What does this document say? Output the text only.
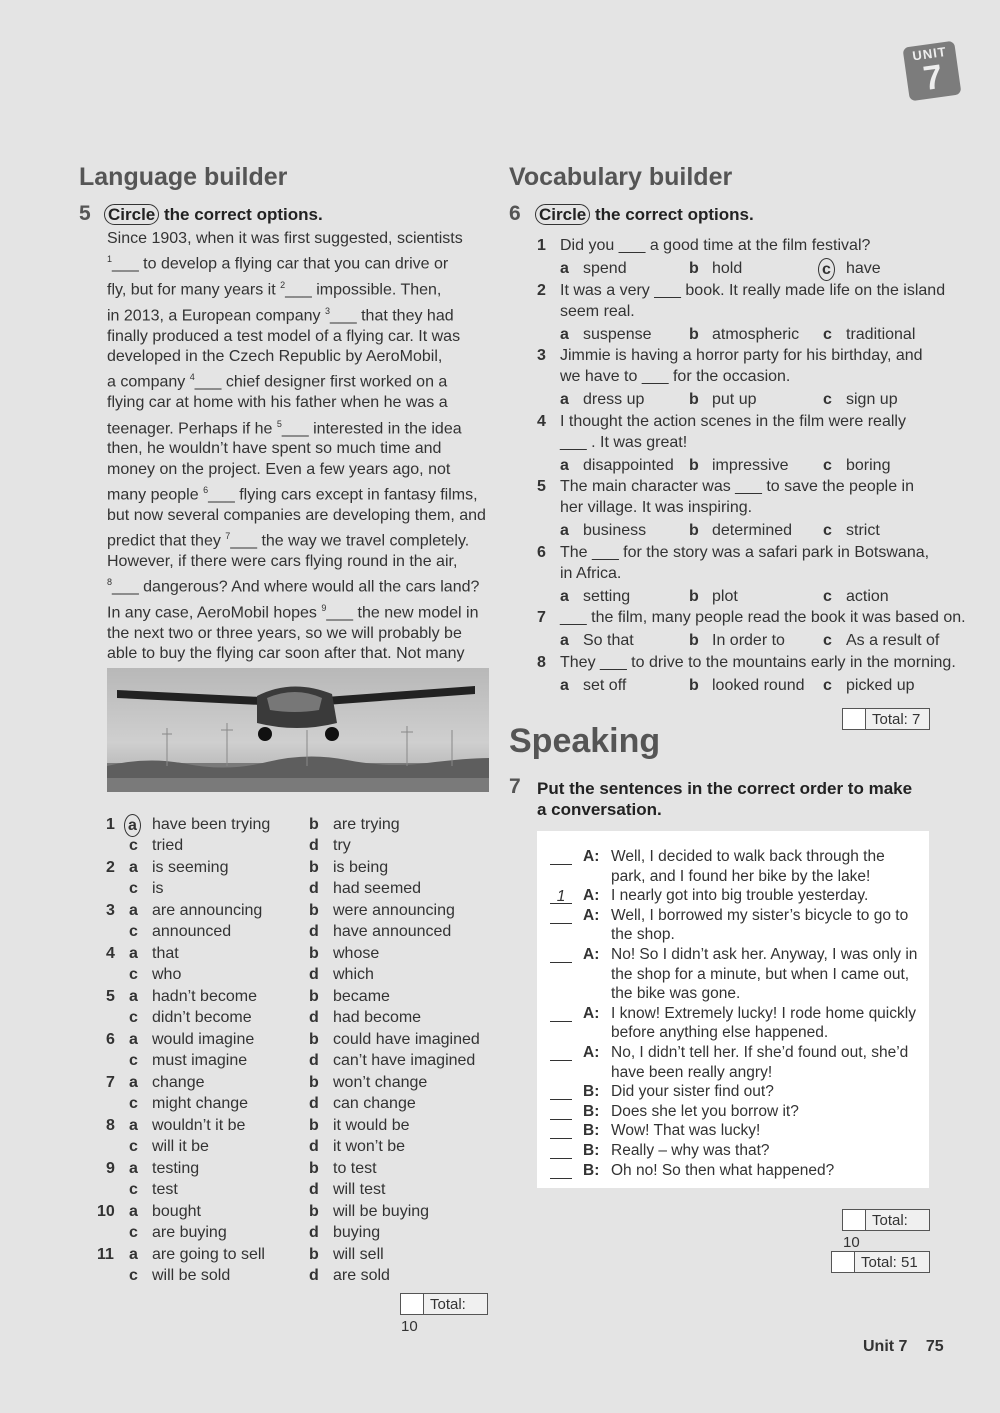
UNIT
7
Language builder
5 Circle the correct options.
Since 1903, when it was first suggested, scientists
$^1$___ to develop a flying car that you can drive or
fly, but for many years it $^2$___ impossible. Then,
in 2013, a European company $^3$___ that they had
finally produced a test model of a flying car. It was
developed in the Czech Republic by AeroMobil,
a company $^4$___ chief designer first worked on a
flying car at home with his father when he was a
teenager. Perhaps if he $^5$___ interested in the idea
then, he wouldn’t have spent so much time and
money on the project. Even a few years ago, not
many people $^6$___ flying cars except in fantasy films,
but now several companies are developing them, and
predict that they $^7$___ the way we travel completely.
However, if there were cars flying round in the air,
$^8$___ dangerous? And where would all the cars land?
In any case, AeroMobil hopes $^9$___ the new model in
the next two or three years, so we will probably be
able to buy the flying car soon after that. Not many
1 a have been trying b are trying
c tried	d try
2 a is seeming	b is being
c is	d had seemed
3 a are announcing	b were announcing
c announced	d have announced
4 a that	b whose
c who	d which
5 a hadn’t become	b became
c didn’t become	d had become
6 a would imagine	b could have imagined
c must imagine	d can’t have imagined
7 a change	b won’t change
c might change	d can change
8 a wouldn’t it be	b it would be
c will it be	d it won’t be
9 a testing	b to test
c test	d will test
10 a bought	b will be buying
c are buying	d buying
11 a are going to sell	b will sell
c will be sold	d are sold
Total: 10
Vocabulary builder
6 Circle the correct options.
1 Did you ___ a good time at the film festival?
a spend	b hold	c have
2 It was a very ___ book. It really made life on the island
seem real.
a suspense b atmospheric c traditional
3 Jimmie is having a horror party for his birthday, and
we have to ___ for the occasion.
a dress up	b put up	c sign up
4 I thought the action scenes in the film were really
___ . It was great!
a disappointed b impressive c boring
5 The main character was ___ to save the people in
her village. It was inspiring.
a business	b determined c strict
6 The ___ for the story was a safari park in Botswana,
in Africa.
a setting	b plot	c action
7 ___ the film, many people read the book it was based on.
a So that	b In order to c As a result of
8 They ___ to drive to the mountains early in the morning.
a set off	b looked round c picked up
Total: 7
Speaking
7 Put the sentences in the correct order to make
a conversation.
A: Well, I decided to walk back through the
park, and I found her bike by the lake!
1	A: I nearly got into big trouble yesterday.
A: Well, I borrowed my sister’s bicycle to go to
the shop.
A: No! So I didn’t ask her. Anyway, I was only in
the shop for a minute, but when I came out,
the bike was gone.
A: I know! Extremely lucky! I rode home quickly
before anything else happened.
A: No, I didn’t tell her. If she’d found out, she’d
have been really angry!
B: Did your sister find out?
B: Does she let you borrow it?
B: Wow! That was lucky!
B: Really – why was that?
B: Oh no! So then what happened?
Total: 10
Total: 51
Unit 7 75
